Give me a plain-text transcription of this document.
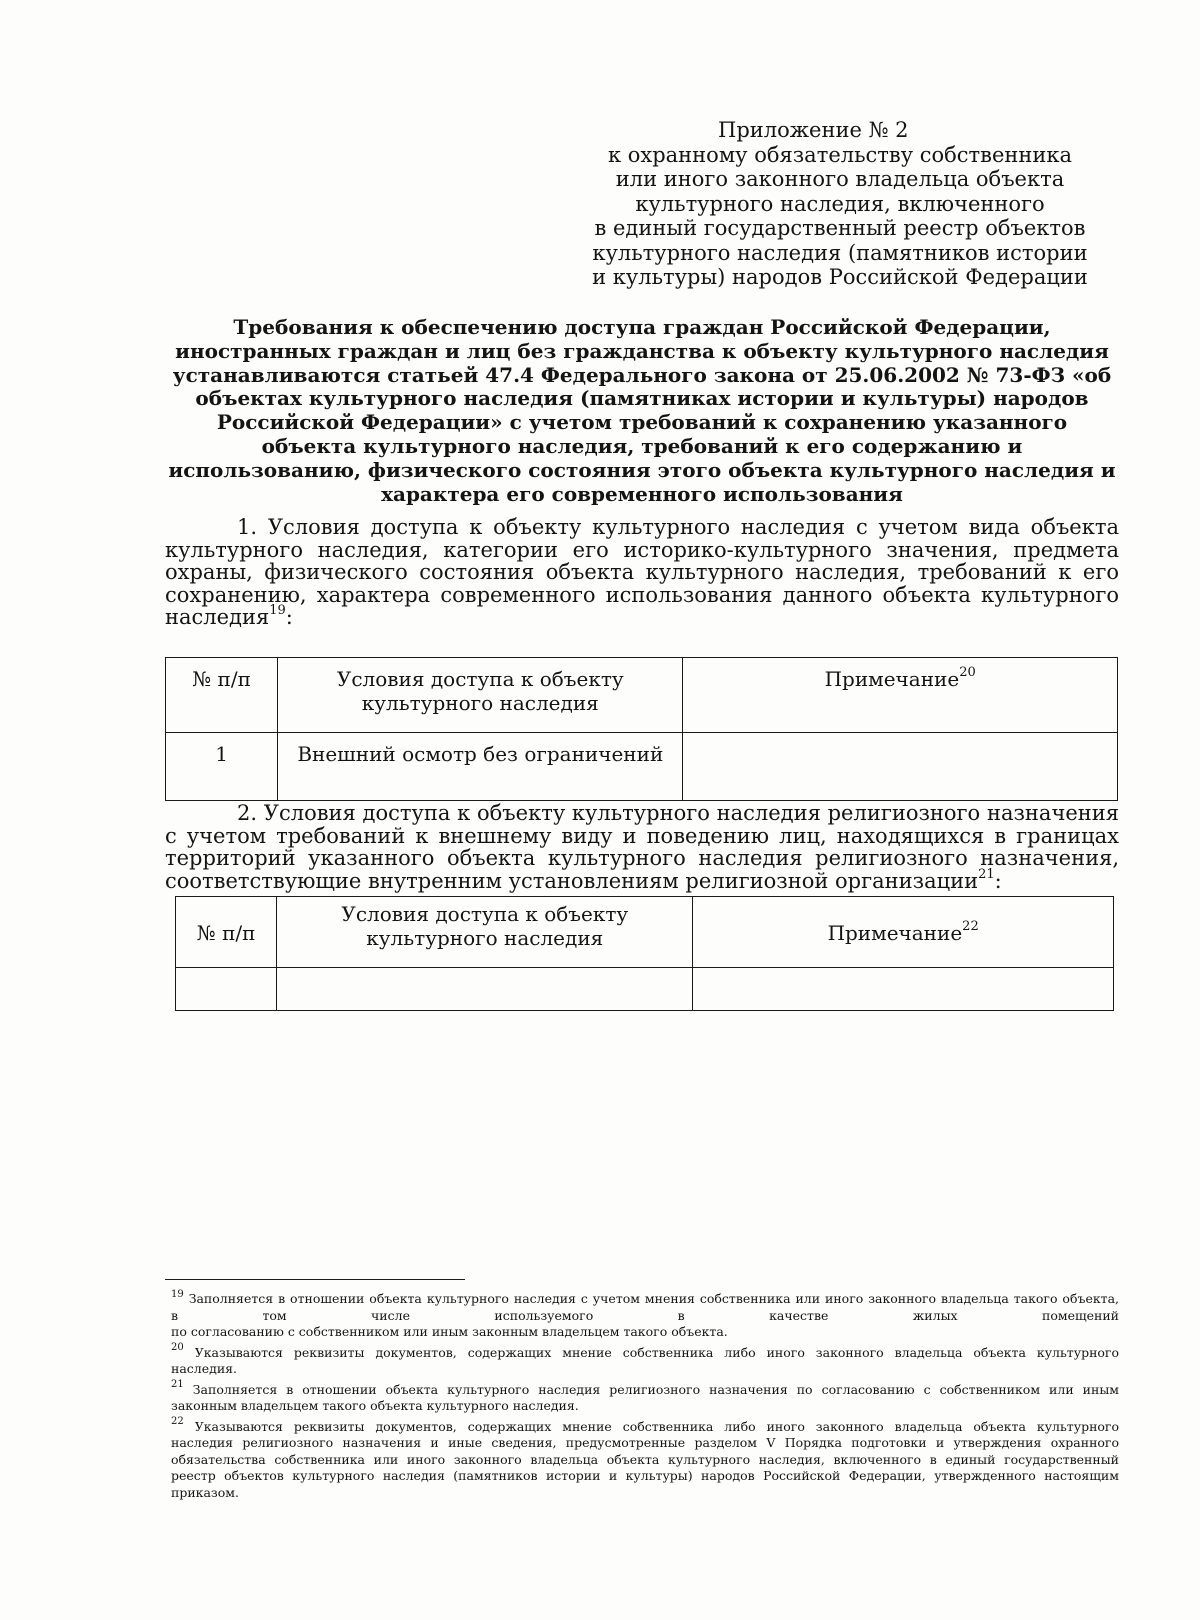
Приложение № 2
к охранному обязательству собственника
или иного законного владельца объекта
культурного наследия, включенного
в единый государственный реестр объектов
культурного наследия (памятников истории
и культуры) народов Российской Федерации
Требования к обеспечению доступа граждан Российской Федерации,
иностранных граждан и лиц без гражданства к объекту культурного наследия
устанавливаются статьей 47.4 Федерального закона от 25.06.2002 № 73-ФЗ «об
объектах культурного наследия (памятниках истории и культуры) народов
Российской Федерации» с учетом требований к сохранению указанного
объекта культурного наследия, требований к его содержанию и
использованию, физического состояния этого объекта культурного наследия и
характера его современного использования
1. Условия доступа к объекту культурного наследия с учетом вида объекта
культурного наследия, категории его историко-культурного значения, предмета
охраны, физического состояния объекта культурного наследия, требований к его
сохранению, характера современного использования данного объекта культурного
наследия$^{19}$:
№ п/п	Условия доступа к объекту культурного наследия	Примечание$^{20}$
1	Внешний осмотр без ограничений	
2. Условия доступа к объекту культурного наследия религиозного назначения
с учетом требований к внешнему виду и поведению лиц, находящихся в границах
территорий указанного объекта культурного наследия религиозного назначения,
соответствующие внутренним установлениям религиозной организации$^{21}$:
№ п/п	Условия доступа к объекту культурного наследия	Примечание$^{22}$

$^{19}$ Заполняется в отношении объекта культурного наследия с учетом мнения собственника или иного законного владельца такого объекта,
в том числе используемого в качестве жилых помещений
по согласованию с собственником или иным законным владельцем такого объекта.
$^{20}$ Указываются реквизиты документов, содержащих мнение собственника либо иного законного владельца объекта культурного
наследия.
$^{21}$ Заполняется в отношении объекта культурного наследия религиозного назначения по согласованию с собственником или иным
законным владельцем такого объекта культурного наследия.
$^{22}$ Указываются реквизиты документов, содержащих мнение собственника либо иного законного владельца объекта культурного
наследия религиозного назначения и иные сведения, предусмотренные разделом V Порядка подготовки и утверждения охранного
обязательства собственника или иного законного владельца объекта культурного наследия, включенного в единый государственный
реестр объектов культурного наследия (памятников истории и культуры) народов Российской Федерации, утвержденного настоящим
приказом.
